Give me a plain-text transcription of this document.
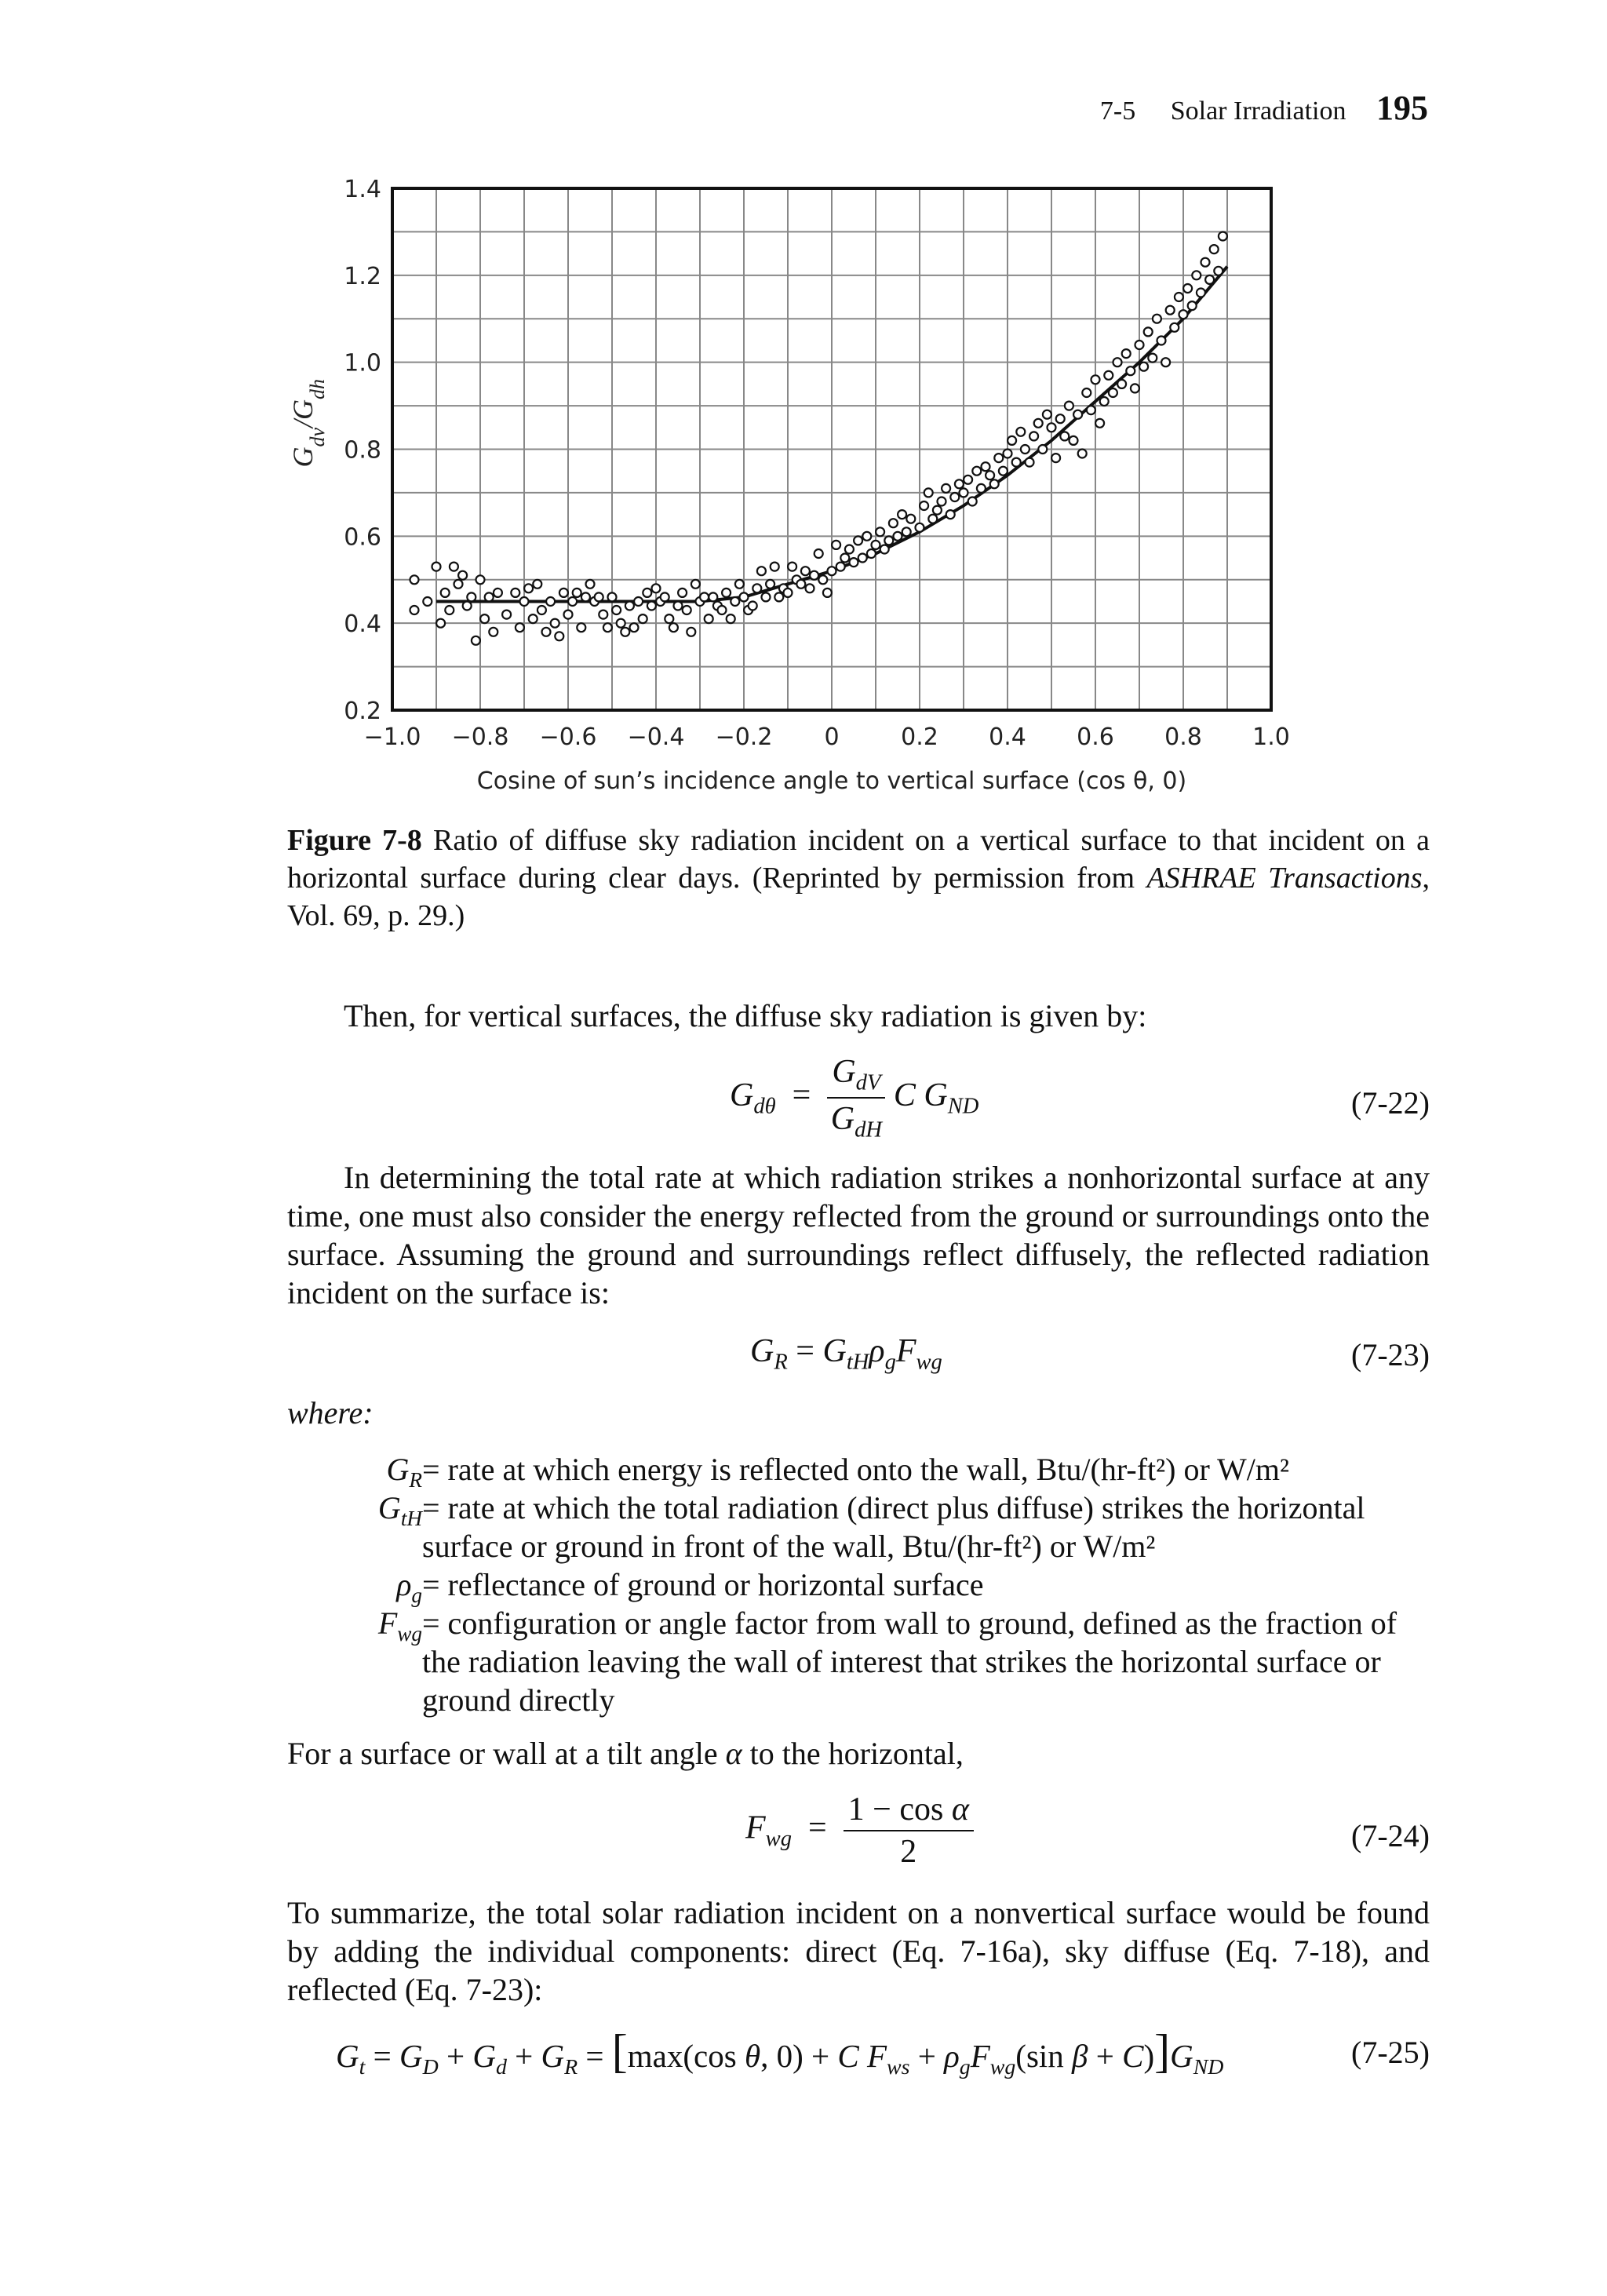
7-5 Solar Irradiation 195
−1.0 −0.8 −0.6 −0.4 −0.2 0	0.2 0.4 0.6 0.8 1.0
0.2
0.4
0.6
0.8
1.0
1.2
1.4
$G_{dv}/G_{dh}$
Cosine of sun’s incidence angle to vertical surface (cos θ, 0)
Figure 7-8 Ratio of diffuse sky radiation incident on a vertical surface to that incident on a horizontal surface during clear days. (Reprinted by permission from ASHRAE Transactions, Vol. 69, p. 29.)
Then, for vertical surfaces, the diffuse sky radiation is given by:
$G_{d\theta} = \frac{G_{dV}}{G_{dH}}$ C $G_{ND}$	(7-22)
In determining the total rate at which radiation strikes a nonhorizontal surface at any time, one must also consider the energy reflected from the ground or surroundings onto the surface. Assuming the ground and surroundings reflect diffusely, the reflected radiation incident on the surface is:
$G_R = G_{tH}\rho_gF_{wg}$	(7-23)
where:
$G_R$ = rate at which energy is reflected onto the wall, Btu/(hr-ft²) or W/m²
$G_{tH}$ = rate at which the total radiation (direct plus diffuse) strikes the horizontal surface or ground in front of the wall, Btu/(hr-ft²) or W/m²
$\rho_g$ = reflectance of ground or horizontal surface
$F_{wg}$ = configuration or angle factor from wall to ground, defined as the fraction of the radiation leaving the wall of interest that strikes the horizontal surface or ground directly
For a surface or wall at a tilt angle α to the horizontal,
$F_{wg} = \frac{\text{1 − cos α}}{2}$	(7-24)
To summarize, the total solar radiation incident on a nonvertical surface would be found by adding the individual components: direct (Eq. 7-16a), sky diffuse (Eq. 7-18), and reflected (Eq. 7-23):
$G_t = G_D + G_d + G_R = [\max(\cos$ θ, 0) + C $F_{ws} + \rho_gF_{wg}(\sin$ $\beta + C)]G_{ND}$	(7-25)
